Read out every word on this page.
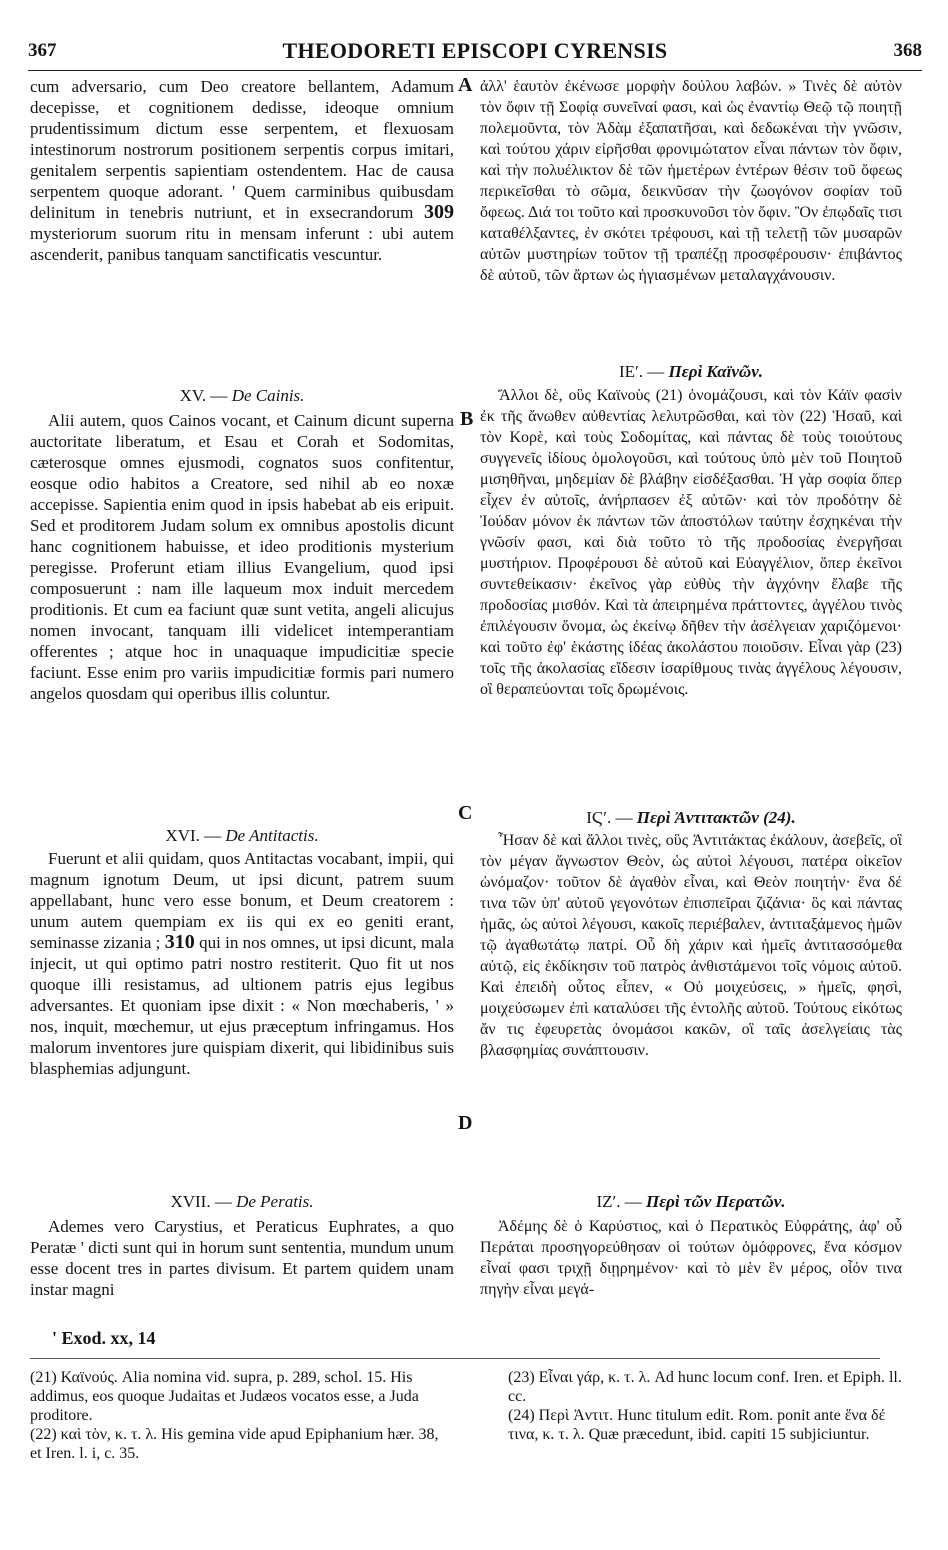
367	THEODORETI EPISCOPI CYRENSIS	368
A
B
C
D

cum adversario, cum Deo creatore bellantem, Adamum decepisse, et cognitionem dedisse, ideoque omnium prudentissimum dictum esse serpentem, et flexuosam intestinorum nostrorum positionem serpentis corpus imitari, genitalem serpentis sapientiam ostendentem. Hac de causa serpentem quoque adorant. ' Quem carminibus quibusdam delinitum in tenebris nutriunt, et in exsecrandorum 309 mysteriorum suorum ritu in mensam inferunt : ubi autem ascenderit, panibus tanquam sanctificatis vescuntur.

XV. — De Cainis.

Alii autem, quos Cainos vocant, et Cainum dicunt superna auctoritate liberatum, et Esau et Corah et Sodomitas, cæterosque omnes ejusmodi, cognatos suos confitentur, eosque odio habitos a Creatore, sed nihil ab eo noxæ accepisse. Sapientia enim quod in ipsis habebat ab eis eripuit. Sed et proditorem Judam solum ex omnibus apostolis dicunt hanc cognitionem habuisse, et ideo proditionis mysterium peregisse. Proferunt etiam illius Evangelium, quod ipsi composuerunt : nam ille laqueum mox induit mercedem proditionis. Et cum ea faciunt quæ sunt vetita, angeli alicujus nomen invocant, tanquam illi videlicet intemperantiam offerentes ; atque hoc in unaquaque impudicitiæ specie faciunt. Esse enim pro variis impudicitiæ formis pari numero angelos quosdam qui operibus illis coluntur.

XVI. — De Antitactis.

Fuerunt et alii quidam, quos Antitactas vocabant, impii, qui magnum ignotum Deum, ut ipsi dicunt, patrem suum appellabant, hunc vero esse bonum, et Deum creatorem : unum autem quempiam ex iis qui ex eo geniti erant, seminasse zizania ; 310 qui in nos omnes, ut ipsi dicunt, mala injecit, ut qui optimo patri nostro restiterit. Quo fit ut nos quoque illi resistamus, ad ultionem patris ejus legibus adversantes. Et quoniam ipse dixit : « Non mœchaberis, ' » nos, inquit, mœchemur, ut ejus præceptum infringamus. Hos malorum inventores jure quispiam dixerit, qui libidinibus suis blasphemias adjungunt.

XVII. — De Peratis.

Ademes vero Carystius, et Peraticus Euphrates, a quo Peratæ ' dicti sunt qui in horum sunt sententia, mundum unum esse docent tres in partes divisum. Et partem quidem unam instar magni

ἀλλ' ἑαυτὸν ἐκένωσε μορφὴν δούλου λαβών. » Τινὲς δὲ αὐτὸν τὸν ὄφιν τῇ Σοφίᾳ συνεῖναί φασι, καὶ ὡς ἐναντίῳ Θεῷ τῷ ποιητῇ πολεμοῦντα, τὸν Ἀδὰμ ἐξαπατῆσαι, καὶ δεδωκέναι τὴν γνῶσιν, καὶ τούτου χάριν εἰρῆσθαι φρονιμώτατον εἶναι πάντων τὸν ὄφιν, καὶ τὴν πολυέλικτον δὲ τῶν ἡμετέρων ἐντέρων θέσιν τοῦ ὄφεως περικεῖσθαι τὸ σῶμα, δεικνῦσαν τὴν ζωογόνον σοφίαν τοῦ ὄφεως. Διά τοι τοῦτο καὶ προσκυνοῦσι τὸν ὄφιν. Ὃν ἐπῳδαῖς τισι καταθέλξαντες, ἐν σκότει τρέφουσι, καὶ τῇ τελετῇ τῶν μυσαρῶν αὐτῶν μυστηρίων τοῦτον τῇ τραπέζῃ προσφέρουσιν· ἐπιβάντος δὲ αὐτοῦ, τῶν ἄρτων ὡς ἡγιασμένων μεταλαγχάνουσιν.

ΙΕʹ. — Περὶ Καϊνῶν.

Ἄλλοι δὲ, οὓς Καϊνοὺς (21) ὀνομάζουσι, καὶ τὸν Κάϊν φασὶν ἐκ τῆς ἄνωθεν αὐθεντίας λελυτρῶσθαι, καὶ τὸν (22) Ἡσαῦ, καὶ τὸν Κορὲ, καὶ τοὺς Σοδομίτας, καὶ πάντας δὲ τοὺς τοιούτους συγγενεῖς ἰδίους ὁμολογοῦσι, καὶ τούτους ὑπὸ μὲν τοῦ Ποιητοῦ μισηθῆναι, μηδεμίαν δὲ βλάβην εἰσδέξασθαι. Ἡ γὰρ σοφία ὅπερ εἶχεν ἐν αὐτοῖς, ἀνήρπασεν ἐξ αὐτῶν· καὶ τὸν προδότην δὲ Ἰούδαν μόνον ἐκ πάντων τῶν ἀποστόλων ταύτην ἐσχηκέναι τὴν γνῶσίν φασι, καὶ διὰ τοῦτο τὸ τῆς προδοσίας ἐνεργῆσαι μυστήριον. Προφέρουσι δὲ αὐτοῦ καὶ Εὐαγγέλιον, ὅπερ ἐκεῖνοι συντεθείκασιν· ἐκεῖνος γὰρ εὐθὺς τὴν ἀγχόνην ἔλαβε τῆς προδοσίας μισθόν. Καὶ τὰ ἀπειρημένα πράττοντες, ἀγγέλου τινὸς ἐπιλέγουσιν ὄνομα, ὡς ἐκείνῳ δῆθεν τὴν ἀσέλγειαν χαριζόμενοι· καὶ τοῦτο ἐφ' ἑκάστης ἰδέας ἀκολάστου ποιοῦσιν. Εἶναι γὰρ (23) τοῖς τῆς ἀκολασίας εἴδεσιν ἰσαρίθμους τινὰς ἀγγέλους λέγουσιν, οἳ θεραπεύονται τοῖς δρωμένοις.

ΙϚʹ. — Περὶ Ἀντιτακτῶν (24).

Ἦσαν δὲ καὶ ἄλλοι τινὲς, οὓς Ἀντιτάκτας ἐκάλουν, ἀσεβεῖς, οἳ τὸν μέγαν ἄγνωστον Θεὸν, ὡς αὐτοὶ λέγουσι, πατέρα οἰκεῖον ὠνόμαζον· τοῦτον δὲ ἀγαθὸν εἶναι, καὶ Θεὸν ποιητήν· ἕνα δέ τινα τῶν ὑπ' αὐτοῦ γεγονότων ἐπισπεῖραι ζιζάνια· ὃς καὶ πάντας ἡμᾶς, ὡς αὐτοὶ λέγουσι, κακοῖς περιέβαλεν, ἀντιταξάμενος ἡμῶν τῷ ἀγαθωτάτῳ πατρί. Οὗ δὴ χάριν καὶ ἡμεῖς ἀντιτασσόμεθα αὐτῷ, εἰς ἐκδίκησιν τοῦ πατρὸς ἀνθιστάμενοι τοῖς νόμοις αὐτοῦ. Καὶ ἐπειδὴ οὗτος εἶπεν, « Οὐ μοιχεύσεις, » ἡμεῖς, φησὶ, μοιχεύσωμεν ἐπὶ καταλύσει τῆς ἐντολῆς αὐτοῦ. Τούτους εἰκότως ἄν τις ἐφευρετὰς ὀνομάσοι κακῶν, οἳ ταῖς ἀσελγείαις τὰς βλασφημίας συνάπτουσιν.

ΙΖʹ. — Περὶ τῶν Περατῶν.

Ἀδέμης δὲ ὁ Καρύστιος, καὶ ὁ Περατικὸς Εὐφράτης, ἀφ' οὗ Περάται προσηγορεύθησαν οἱ τούτων ὁμόφρονες, ἕνα κόσμον εἶναί φασι τριχῇ διῃρημένον· καὶ τὸ μὲν ἓν μέρος, οἷόν τινα πηγὴν εἶναι μεγά-

' Exod. xx, 14

(21) Καϊνούς. Alia nomina vid. supra, p. 289, schol. 15. His addimus, eos quoque Judaitas et Judæos vocatos esse, a Juda proditore.

(22) καὶ τὸν, κ. τ. λ. His gemina vide apud Epiphanium hær. 38, et Iren. l. i, c. 35.

(23) Εἶναι γάρ, κ. τ. λ. Ad hunc locum conf. Iren. et Epiph. ll. cc.

(24) Περὶ Ἀντιτ. Hunc titulum edit. Rom. ponit ante ἕνα δέ τινα, κ. τ. λ. Quæ præcedunt, ibid. capiti 15 subjiciuntur.
